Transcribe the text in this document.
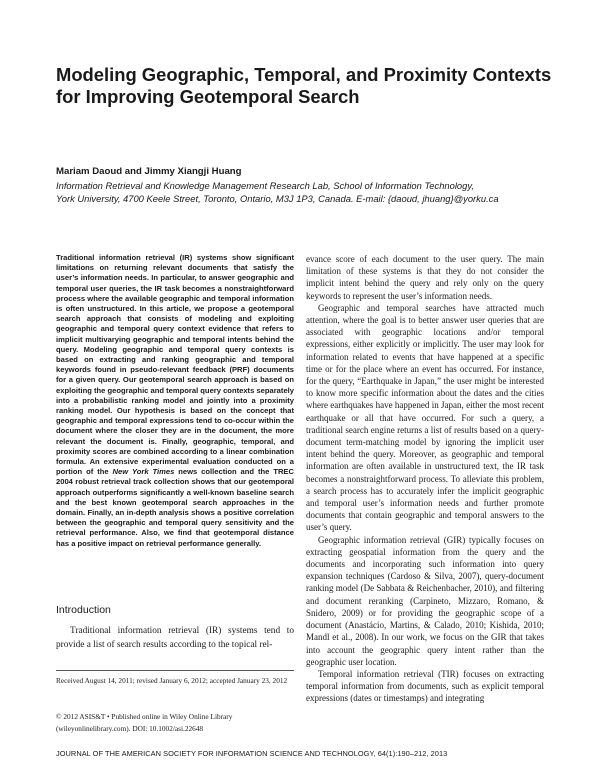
Modeling Geographic, Temporal, and Proximity Contexts
for Improving Geotemporal Search
Mariam Daoud and Jimmy Xiangji Huang
Information Retrieval and Knowledge Management Research Lab, School of Information Technology,
York University, 4700 Keele Street, Toronto, Ontario, M3J 1P3, Canada. E-mail: {daoud, jhuang}@yorku.ca

Traditional information retrieval (IR) systems show significant limitations on returning relevant documents that satisfy the user’s information needs. In particular, to answer geographic and temporal user queries, the IR task becomes a nonstraightforward process where the available geographic and temporal information is often unstructured. In this article, we propose a geotemporal search approach that consists of modeling and exploiting geographic and temporal query context evidence that refers to implicit multivarying geographic and temporal intents behind the query. Modeling geographic and temporal query contexts is based on extracting and ranking geographic and temporal keywords found in pseudo-relevant feedback (PRF) documents for a given query. Our geotemporal search approach is based on exploiting the geographic and temporal query contexts separately into a probabilistic ranking model and jointly into a proximity ranking model. Our hypothesis is based on the concept that geographic and temporal expressions tend to co-occur within the document where the closer they are in the document, the more relevant the document is. Finally, geographic, temporal, and proximity scores are combined according to a linear combination formula. An extensive experimental evaluation conducted on a portion of the New York Times news collection and the TREC 2004 robust retrieval track collection shows that our geotemporal approach outperforms significantly a well-known baseline search and the best known geotemporal search approaches in the domain. Finally, an in-depth analysis shows a positive correlation between the geographic and temporal query sensitivity and the retrieval performance. Also, we find that geotemporal distance has a positive impact on retrieval performance generally.

Introduction

Traditional information retrieval (IR) systems tend to provide a list of search results according to the topical rel-

Received August 14, 2011; revised January 6, 2012; accepted January 23, 2012

© 2012 ASIS&T • Published online in Wiley Online Library (wileyonlinelibrary.com). DOI: 10.1002/asi.22648

evance score of each document to the user query. The main limitation of these systems is that they do not consider the implicit intent behind the query and rely only on the query keywords to represent the user’s information needs.

Geographic and temporal searches have attracted much attention, where the goal is to better answer user queries that are associated with geographic locations and/or temporal expressions, either explicitly or implicitly. The user may look for information related to events that have happened at a specific time or for the place where an event has occurred. For instance, for the query, “Earthquake in Japan,” the user might be interested to know more specific information about the dates and the cities where earthquakes have happened in Japan, either the most recent earthquake or all that have occurred. For such a query, a traditional search engine returns a list of results based on a query-document term-matching model by ignoring the implicit user intent behind the query. Moreover, as geographic and temporal information are often available in unstructured text, the IR task becomes a nonstraightforward process. To alleviate this problem, a search process has to accurately infer the implicit geographic and temporal user’s information needs and further promote documents that contain geographic and temporal answers to the user’s query.

Geographic information retrieval (GIR) typically focuses on extracting geospatial information from the query and the documents and incorporating such information into query expansion techniques (Cardoso & Silva, 2007), query-document ranking model (De Sabbata & Reichenbacher, 2010), and filtering and document reranking (Carpineto, Mizzaro, Romano, & Snidero, 2009) or for providing the geographic scope of a document (Anastácio, Martins, & Calado, 2010; Kishida, 2010; Mandl et al., 2008). In our work, we focus on the GIR that takes into account the geographic query intent rather than the geographic user location.

Temporal information retrieval (TIR) focuses on extracting temporal information from documents, such as explicit temporal expressions (dates or timestamps) and integrating

JOURNAL OF THE AMERICAN SOCIETY FOR INFORMATION SCIENCE AND TECHNOLOGY, 64(1):190–212, 2013
